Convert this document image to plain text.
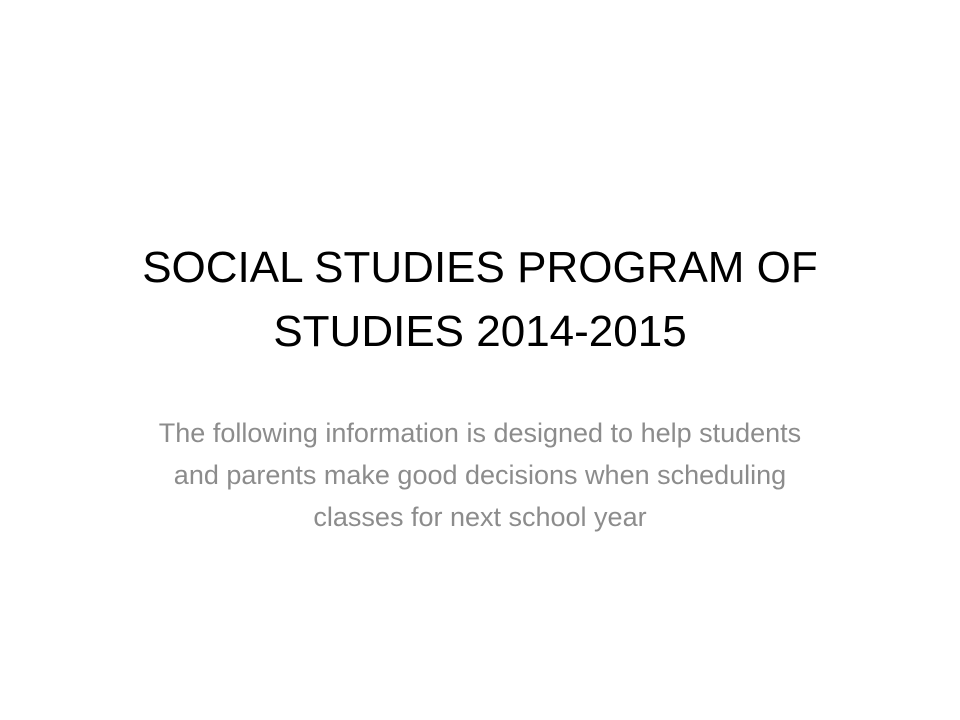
SOCIAL STUDIES PROGRAM OF STUDIES 2014-2015

The following information is designed to help students and parents make good decisions when scheduling classes for next school year
